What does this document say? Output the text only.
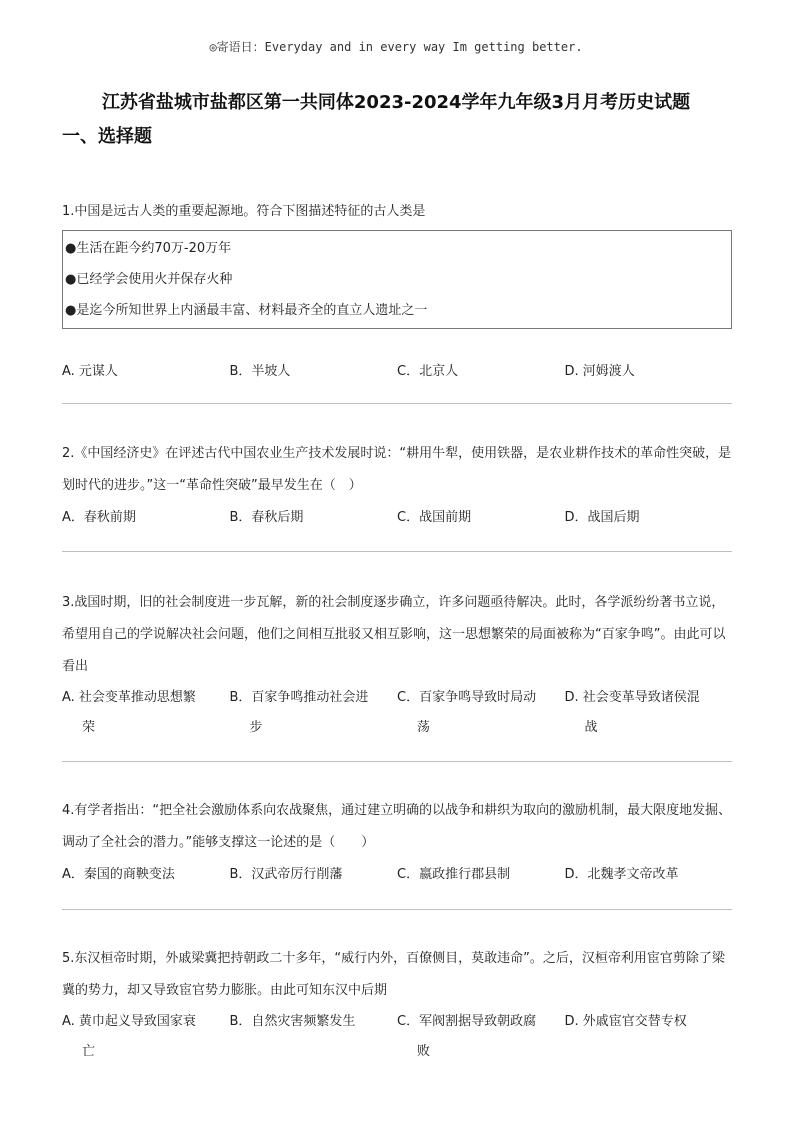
◎寄语日：Everyday and in every way Im getting better.
江苏省盐城市盐都区第一共同体2023-2024学年九年级3月月考历史试题
一、选择题
1.中国是远古人类的重要起源地。符合下图描述特征的古人类是
●生活在距今约70万-20万年
●已经学会使用火并保存火种
●是迄今所知世界上内涵最丰富、材料最齐全的直立人遗址之一
A. 元谋人	B．半坡人	C．北京人	D. 河姆渡人
2.《中国经济史》在评述古代中国农业生产技术发展时说：“耕用牛犁，使用铁器，是农业耕作技术的革命性突破，是划时代的进步。”这一“革命性突破”最早发生在（　）
A．春秋前期	B．春秋后期	C．战国前期	D．战国后期
3.战国时期，旧的社会制度进一步瓦解，新的社会制度逐步确立，许多问题亟待解决。此时，各学派纷纷著书立说，希望用自己的学说解决社会问题，他们之间相互批驳又相互影响，这一思想繁荣的局面被称为“百家争鸣”。由此可以看出
A. 社会变革推动思想繁
荣
B．百家争鸣推动社会进
步
C．百家争鸣导致时局动
荡
D. 社会变革导致诸侯混
战
4.有学者指出：“把全社会激励体系向农战聚焦，通过建立明确的以战争和耕织为取向的激励机制，最大限度地发掘、调动了全社会的潜力。”能够支撑这一论述的是（　　）
A．秦国的商鞅变法	B．汉武帝厉行削藩	C．嬴政推行郡县制	D．北魏孝文帝改革
5.东汉桓帝时期，外戚梁冀把持朝政二十多年，“威行内外，百僚侧目，莫敢违命”。之后，汉桓帝利用宦官剪除了梁冀的势力，却又导致宦官势力膨胀。由此可知东汉中后期
A. 黄巾起义导致国家衰
亡
B．自然灾害频繁发生	C．军阀割据导致朝政腐
败
D. 外戚宦官交替专权
